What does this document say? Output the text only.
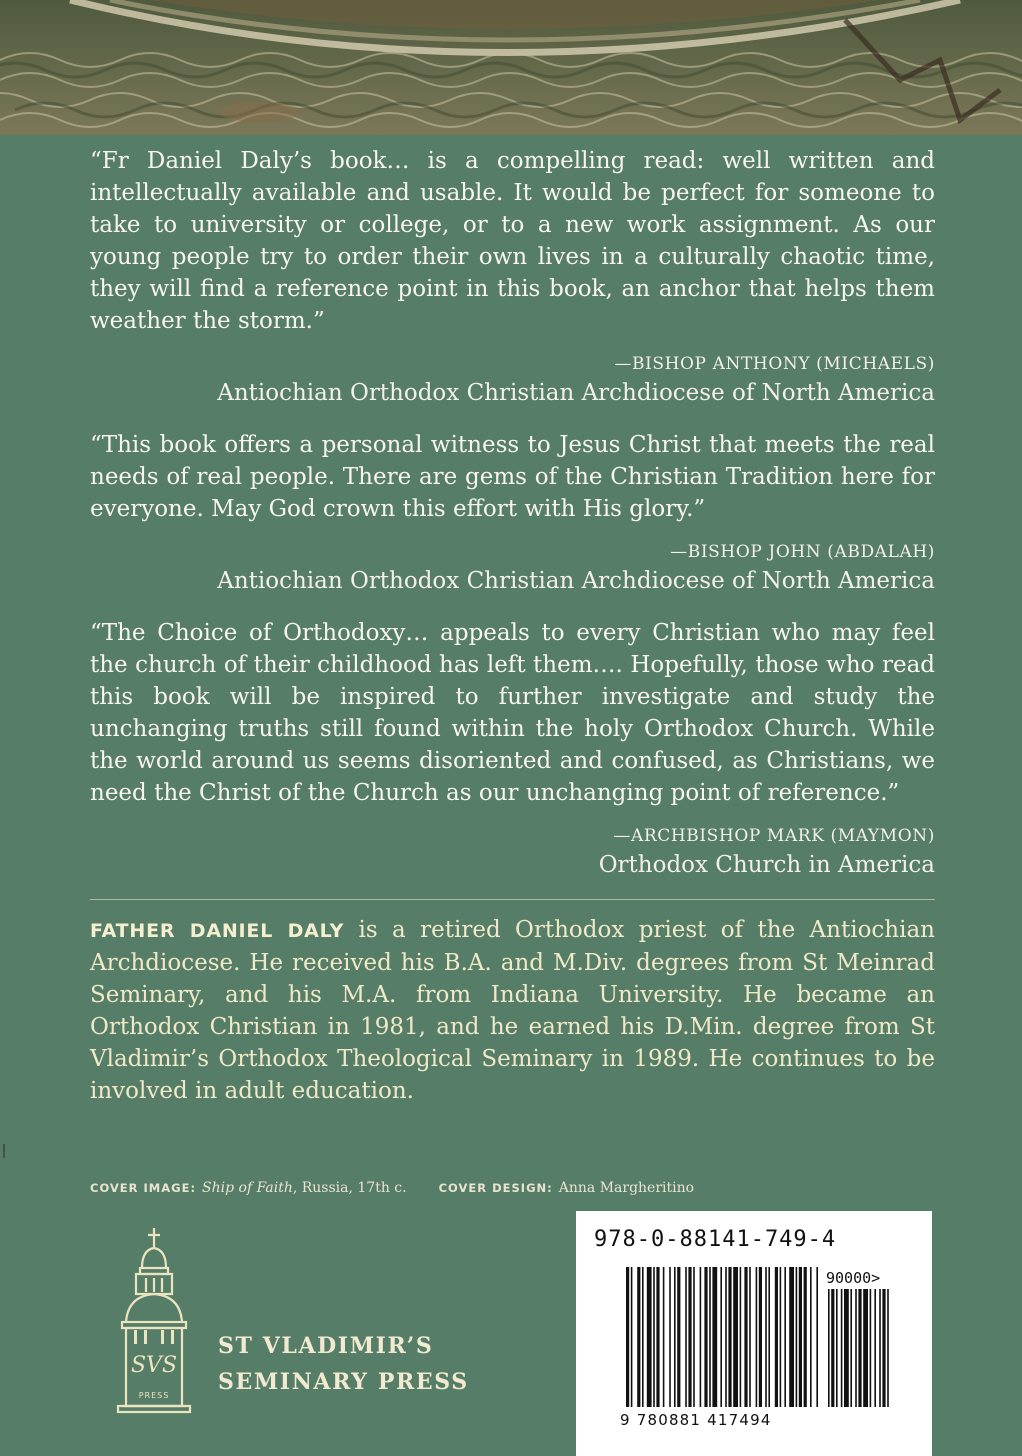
“Fr Daniel Daly’s book… is a compelling read: well written and intellectually available and usable. It would be perfect for someone to take to university or college, or to a new work assignment. As our young people try to order their own lives in a culturally chaotic time, they will find a reference point in this book, an anchor that helps them weather the storm.”

—BISHOP ANTHONY (MICHAELS)
Antiochian Orthodox Christian Archdiocese of North America

“This book offers a personal witness to Jesus Christ that meets the real needs of real people. There are gems of the Christian Tradition here for everyone. May God crown this effort with His glory.”

—BISHOP JOHN (ABDALAH)
Antiochian Orthodox Christian Archdiocese of North America

“The Choice of Orthodoxy… appeals to every Christian who may feel the church of their childhood has left them…. Hopefully, those who read this book will be inspired to further investigate and study the unchanging truths still found within the holy Orthodox Church. While the world around us seems disoriented and confused, as Christians, we need the Christ of the Church as our unchanging point of reference.”

—ARCHBISHOP MARK (MAYMON)
Orthodox Church in America

FATHER DANIEL DALY is a retired Orthodox priest of the Antiochian Archdiocese. He received his B.A. and M.Div. degrees from St Meinrad Seminary, and his M.A. from Indiana University. He became an Orthodox Christian in 1981, and he earned his D.Min. degree from St Vladimir’s Orthodox Theological Seminary in 1989. He continues to be involved in adult education.

COVER IMAGE: Ship of Faith, Russia, 17th c.	COVER DESIGN: Anna Margheritino
SVS
PRESS
ST VLADIMIR’S
SEMINARY PRESS
978-0-88141-749-4
90000>
9 780881 417494
